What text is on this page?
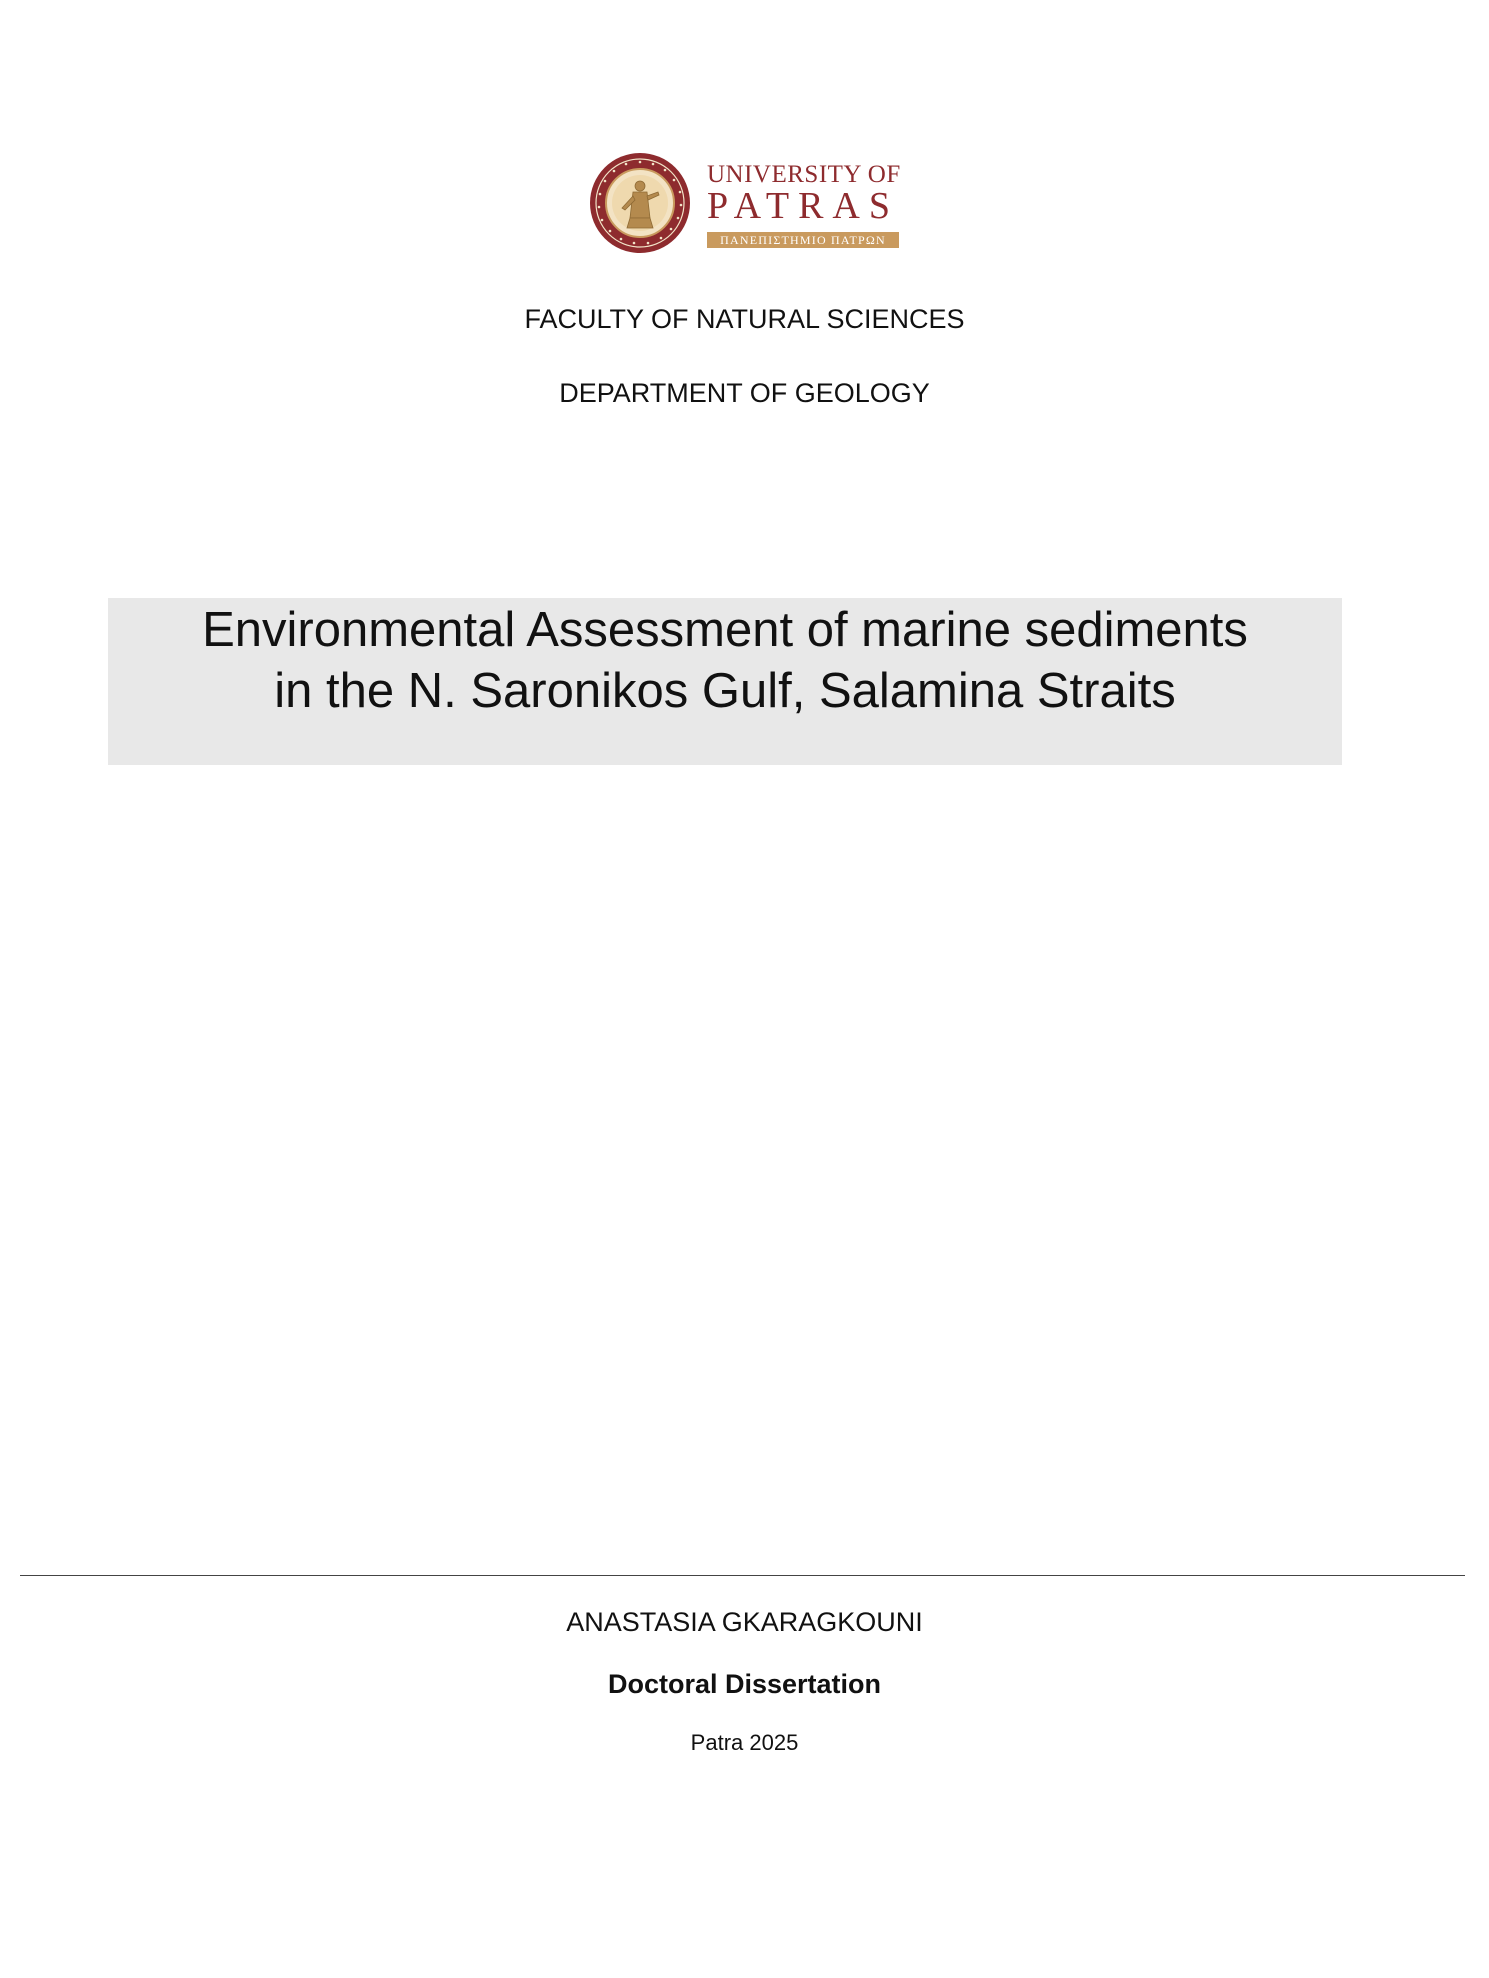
UNIVERSITY OF
PATRAS
ΠΑΝΕΠΙΣΤΗΜΙΟ ΠΑΤΡΩΝ
FACULTY OF NATURAL SCIENCES
DEPARTMENT OF GEOLOGY
Environmental Assessment of marine sediments
in the N. Saronikos Gulf, Salamina Straits
ANASTASIA GKARAGKOUNI
Doctoral Dissertation
Patra 2025
